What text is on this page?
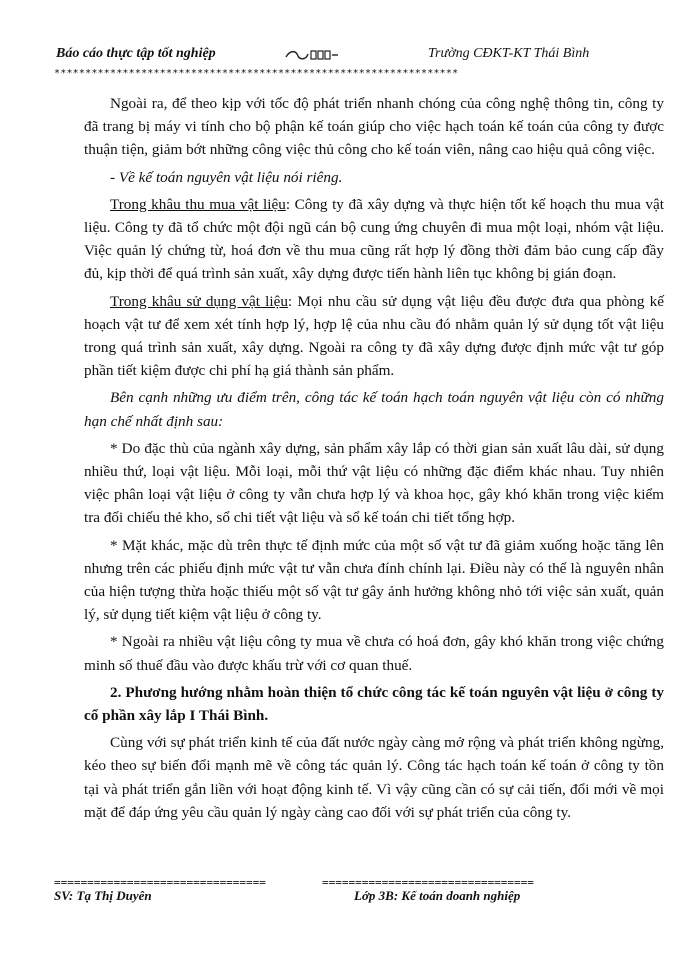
Báo cáo thực tập tốt nghiệp	Trường CĐKT-KT Thái Bình
*****************************************************************

Ngoài ra, để theo kịp với tốc độ phát triển nhanh chóng của công nghệ thông tin, công ty đã trang bị máy vi tính cho bộ phận kế toán giúp cho việc hạch toán kế toán của công ty được thuận tiện, giảm bớt những công việc thủ công cho kế toán viên, nâng cao hiệu quả công việc.

- Về kế toán nguyên vật liệu nói riêng.

Trong khâu thu mua vật liệu: Công ty đã xây dựng và thực hiện tốt kế hoạch thu mua vật liệu. Công ty đã tổ chức một đội ngũ cán bộ cung ứng chuyên đi mua một loại, nhóm vật liệu. Việc quản lý chứng từ, hoá đơn về thu mua cũng rất hợp lý đồng thời đảm bảo cung cấp đầy đủ, kịp thời để quá trình sản xuất, xây dựng được tiến hành liên tục không bị gián đoạn.

Trong khâu sử dụng vật liệu: Mọi nhu cầu sử dụng vật liệu đều được đưa qua phòng kế hoạch vật tư để xem xét tính hợp lý, hợp lệ của nhu cầu đó nhằm quản lý sử dụng tốt vật liệu trong quá trình sản xuất, xây dựng. Ngoài ra công ty đã xây dựng được định mức vật tư góp phần tiết kiệm được chi phí hạ giá thành sản phẩm.

Bên cạnh những ưu điểm trên, công tác kế toán hạch toán nguyên vật liệu còn có những hạn chế nhất định sau:

* Do đặc thù của ngành xây dựng, sản phẩm xây lắp có thời gian sản xuất lâu dài, sử dụng nhiều thứ, loại vật liệu. Mỗi loại, mỗi thứ vật liệu có những đặc điểm khác nhau. Tuy nhiên việc phân loại vật liệu ở công ty vẫn chưa hợp lý và khoa học, gây khó khăn trong việc kiểm tra đối chiếu thẻ kho, sổ chi tiết vật liệu và sổ kế toán chi tiết tổng hợp.

* Mặt khác, mặc dù trên thực tế định mức của một số vật tư đã giảm xuống hoặc tăng lên nhưng trên các phiếu định mức vật tư vẫn chưa đính chính lại. Điều này có thể là nguyên nhân của hiện tượng thừa hoặc thiếu một số vật tư gây ảnh hưởng không nhỏ tới việc sản xuất, quản lý, sử dụng tiết kiệm vật liệu ở công ty.

* Ngoài ra nhiều vật liệu công ty mua về chưa có hoá đơn, gây khó khăn trong việc chứng minh số thuế đầu vào được khấu trừ với cơ quan thuế.

2. Phương hướng nhằm hoàn thiện tổ chức công tác kế toán nguyên vật liệu ở công ty cổ phần xây lắp I Thái Bình.

Cùng với sự phát triển kinh tế của đất nước ngày càng mở rộng và phát triển không ngừng, kéo theo sự biến đổi mạnh mẽ về công tác quản lý. Công tác hạch toán kế toán ở công ty tồn tại và phát triển gắn liền với hoạt động kinh tế. Vì vậy cũng cần có sự cải tiến, đổi mới về mọi mặt để đáp ứng yêu cầu quản lý ngày càng cao đối với sự phát triển của công ty.

================================	================================
SV: Tạ Thị Duyên	Lớp 3B: Kế toán doanh nghiệp
